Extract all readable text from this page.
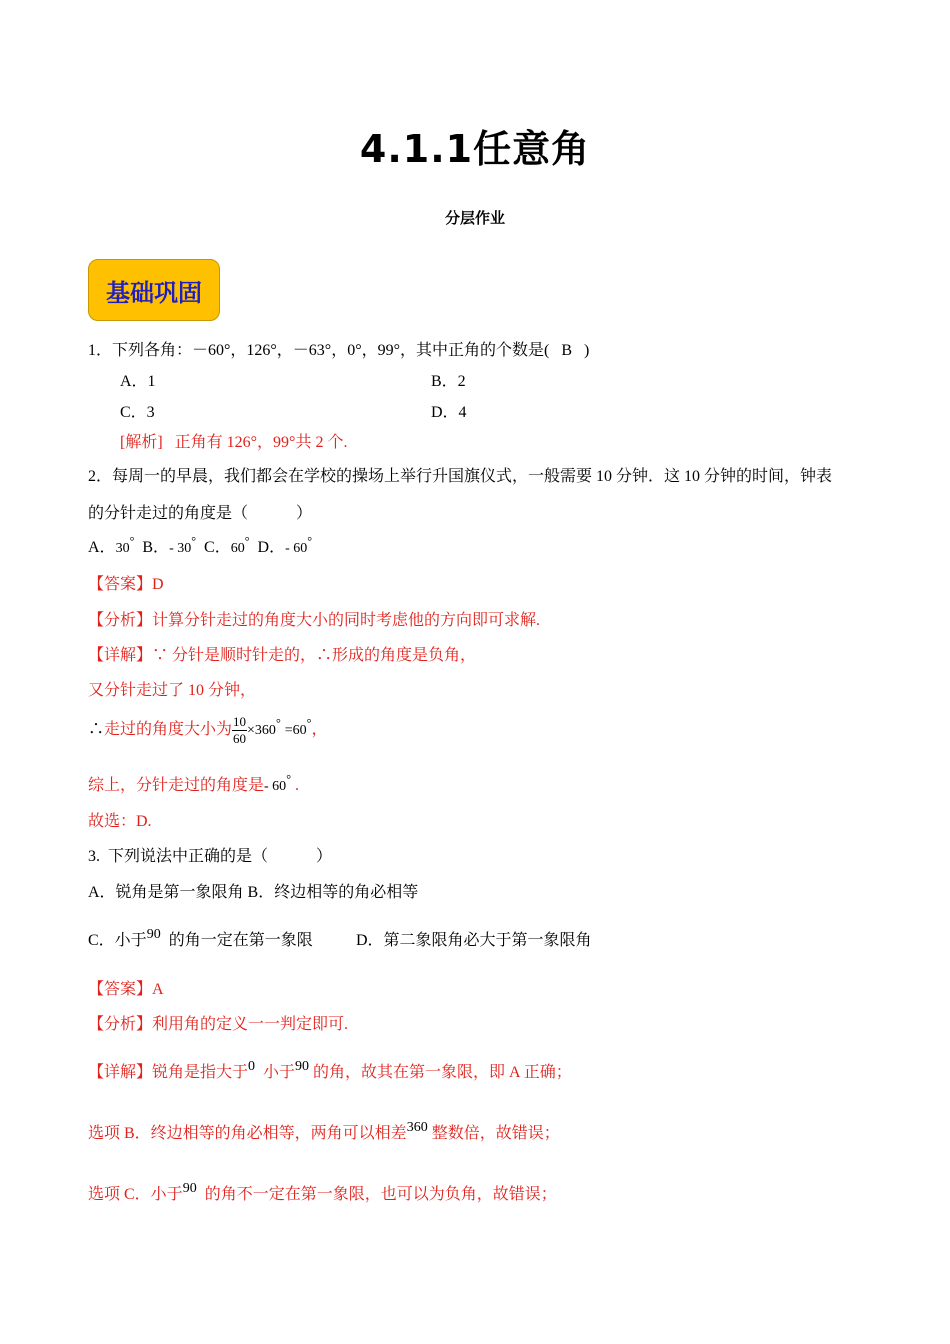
4.1.1任意角
分层作业
基础巩固
1．下列各角：－60°，126°，－63°，0°，99°，其中正角的个数是(   B   )
A．1	B．2
C．3	D．4
[解析]   正角有 126°，99°共 2 个.
2．每周一的早晨，我们都会在学校的操场上举行升国旗仪式，一般需要 10 分钟．这 10 分钟的时间，钟表
的分针走过的角度是（            ）
A．30° B．- 30° C．60° D．- 60°
【答案】D
【分析】计算分针走过的角度大小的同时考虑他的方向即可求解.
【详解】∵ 分针是顺时针走的，∴形成的角度是负角，
又分针走过了 10 分钟，
∴走过的角度大小为 $\frac{10}{60} \times 360^\circ =60^\circ$，
综上，分针走过的角度是- 60° .
故选：D.
3.  下列说法中正确的是（            ）
A．锐角是第一象限角 B．终边相等的角必相等
C．小于90 的角一定在第一象限	D．第二象限角必大于第一象限角
【答案】A
【分析】利用角的定义一一判定即可.
【详解】锐角是指大于0 小于90 的角，故其在第一象限，即 A 正确；
选项 B．终边相等的角必相等，两角可以相差360 整数倍，故错误；
选项 C．小于90 的角不一定在第一象限，也可以为负角，故错误；
